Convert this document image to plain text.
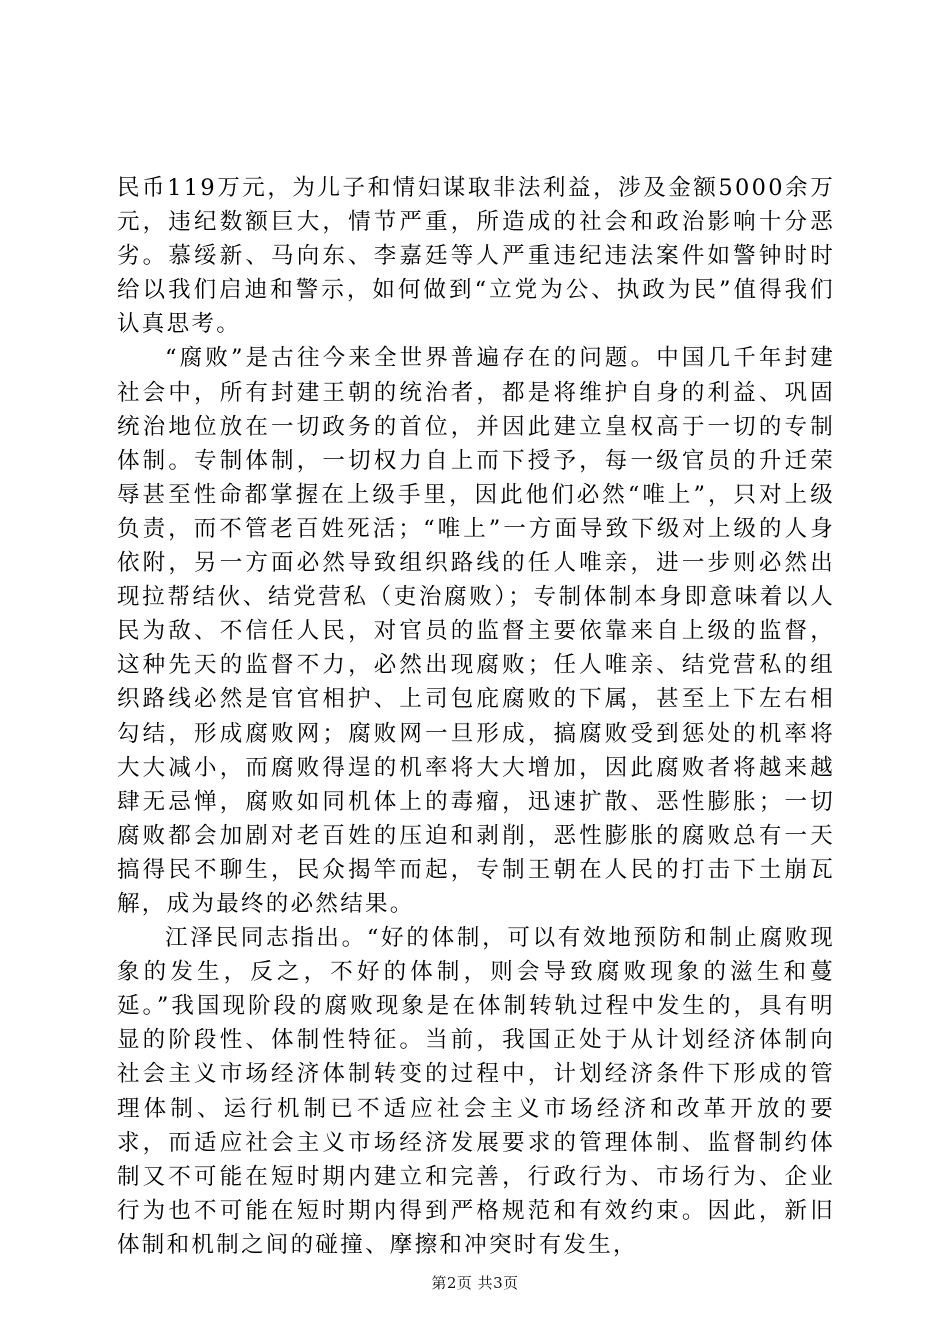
民币119万元，为儿子和情妇谋取非法利益，涉及金额5000余万元，违纪数额巨大，情节严重，所造成的社会和政治影响十分恶劣。慕绥新、马向东、李嘉廷等人严重违纪违法案件如警钟时时给以我们启迪和警示，如何做到“立党为公、执政为民”值得我们认真思考。

“腐败”是古往今来全世界普遍存在的问题。中国几千年封建社会中，所有封建王朝的统治者，都是将维护自身的利益、巩固统治地位放在一切政务的首位，并因此建立皇权高于一切的专制体制。专制体制，一切权力自上而下授予，每一级官员的升迁荣辱甚至性命都掌握在上级手里，因此他们必然“唯上”，只对上级负责，而不管老百姓死活；“唯上”一方面导致下级对上级的人身依附，另一方面必然导致组织路线的任人唯亲，进一步则必然出现拉帮结伙、结党营私（吏治腐败）；专制体制本身即意味着以人民为敌、不信任人民，对官员的监督主要依靠来自上级的监督，这种先天的监督不力，必然出现腐败；任人唯亲、结党营私的组织路线必然是官官相护、上司包庇腐败的下属，甚至上下左右相勾结，形成腐败网；腐败网一旦形成，搞腐败受到惩处的机率将大大减小，而腐败得逞的机率将大大增加，因此腐败者将越来越肆无忌惮，腐败如同机体上的毒瘤，迅速扩散、恶性膨胀；一切腐败都会加剧对老百姓的压迫和剥削，恶性膨胀的腐败总有一天搞得民不聊生，民众揭竿而起，专制王朝在人民的打击下土崩瓦解，成为最终的必然结果。

江泽民同志指出。“好的体制，可以有效地预防和制止腐败现象的发生，反之，不好的体制，则会导致腐败现象的滋生和蔓延。”我国现阶段的腐败现象是在体制转轨过程中发生的，具有明显的阶段性、体制性特征。当前，我国正处于从计划经济体制向社会主义市场经济体制转变的过程中，计划经济条件下形成的管理体制、运行机制已不适应社会主义市场经济和改革开放的要求，而适应社会主义市场经济发展要求的管理体制、监督制约体制又不可能在短时期内建立和完善，行政行为、市场行为、企业行为也不可能在短时期内得到严格规范和有效约束。因此，新旧体制和机制之间的碰撞、摩擦和冲突时有发生，

第2页 共3页
